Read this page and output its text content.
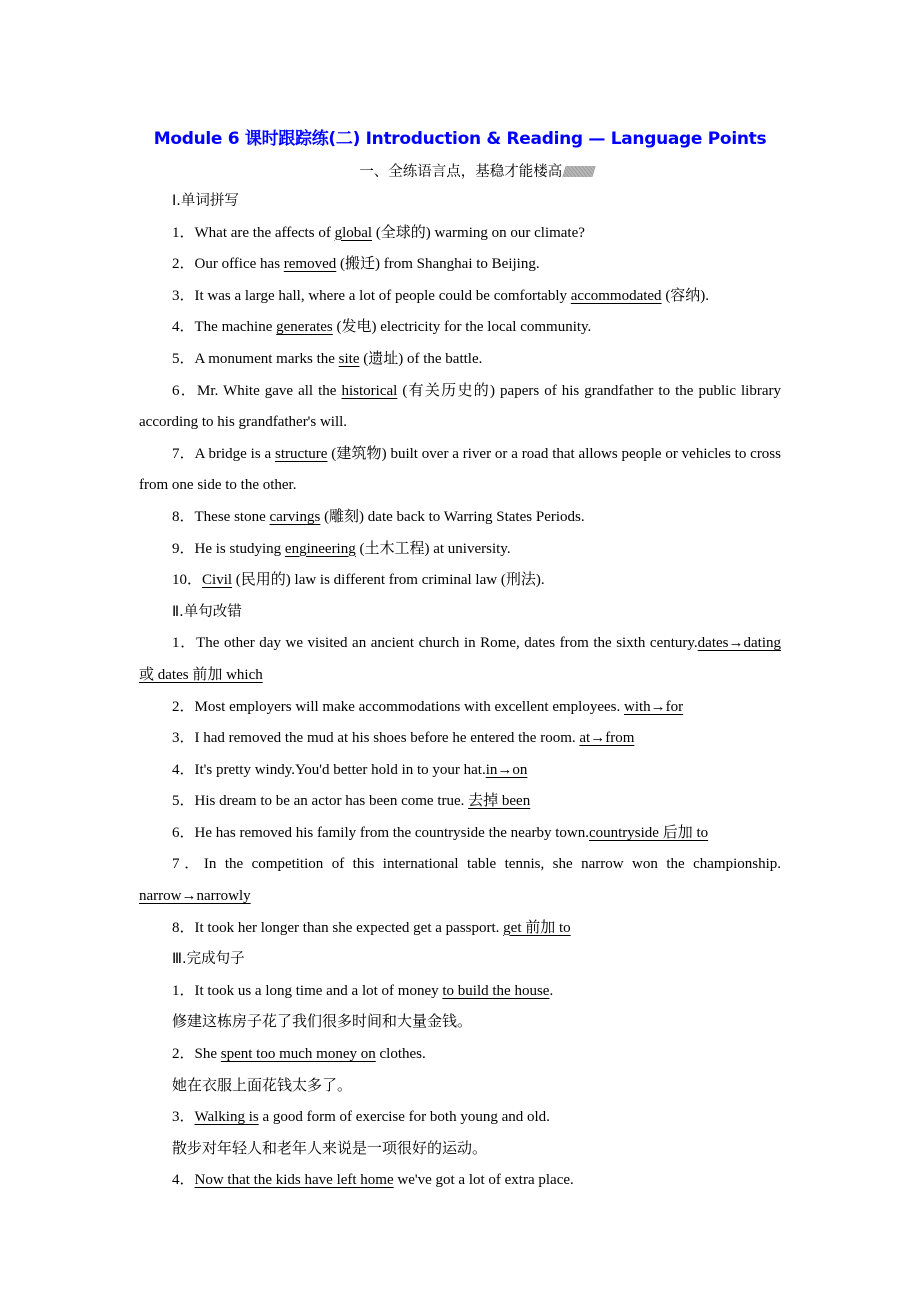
Module 6 课时跟踪练(二) Introduction & Reading — Language Points
一、全练语言点，基稳才能楼高//////////////////////

Ⅰ.单词拼写

1．What are the affects of global (全球的) warming on our climate?

2．Our office has removed (搬迁) from Shanghai to Beijing.

3．It was a large hall, where a lot of people could be comfortably accommodated (容纳).

4．The machine generates (发电) electricity for the local community.

5．A monument marks the site (遗址) of the battle.

6．Mr. White gave all the historical (有关历史的) papers of his grandfather to the public library according to his grandfather's will.

7．A bridge is a structure (建筑物) built over a river or a road that allows people or vehicles to cross from one side to the other.

8．These stone carvings (雕刻) date back to Warring States Periods.

9．He is studying engineering (土木工程) at university.

10．Civil (民用的) law is different from criminal law (刑法).

Ⅱ.单句改错

1．The other day we visited an ancient church in Rome, dates from the sixth century.dates→dating 或 dates 前加 which

2．Most employers will make accommodations with excellent employees. with→for

3．I had removed the mud at his shoes before he entered the room. at→from

4．It's pretty windy.You'd better hold in to your hat.in→on

5．His dream to be an actor has been come true. 去掉 been

6．He has removed his family from the countryside the nearby town.countryside 后加 to

7．In the competition of this international table tennis, she narrow won the championship. narrow→narrowly

8．It took her longer than she expected get a passport. get 前加 to

Ⅲ.完成句子

1．It took us a long time and a lot of money to build the house.

修建这栋房子花了我们很多时间和大量金钱。

2．She spent too much money on clothes.

她在衣服上面花钱太多了。

3．Walking is a good form of exercise for both young and old.

散步对年轻人和老年人来说是一项很好的运动。

4．Now that the kids have left home we've got a lot of extra place.
